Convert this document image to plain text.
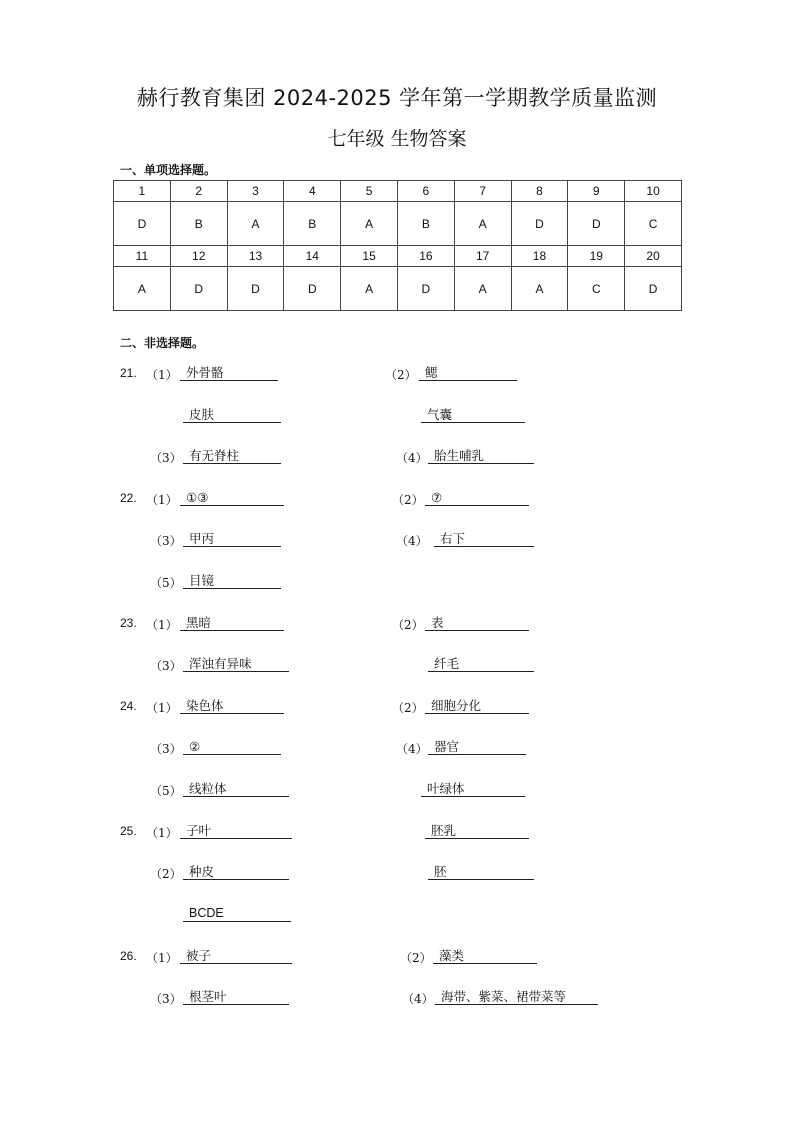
赫行教育集团 2024-2025 学年第一学期教学质量监测
七年级 生物答案
一、单项选择题。
1	2	3	4	5	6	7	8	9	10
D	B	A	B	A	B	A	D	D	C
11	12	13	14	15	16	17	18	19	20
A	D	D	D	A	D	A	A	C	D
二、非选择题。
21. （1） 外骨骼	（2） 鳃
皮肤	气囊
（3） 有无脊柱	（4） 胎生哺乳
22. （1） ①③	（2） ⑦
（3） 甲丙	（4） 右下
（5） 目镜
23. （1） 黑暗	（2） 表
（3） 浑浊有异味	纤毛
24. （1） 染色体	（2） 细胞分化
（3） ②	（4） 器官
（5） 线粒体	叶绿体
25. （1） 子叶	胚乳
（2） 种皮	胚
BCDE
26. （1） 被子	（2） 藻类
（3） 根茎叶	（4） 海带、紫菜、裙带菜等
